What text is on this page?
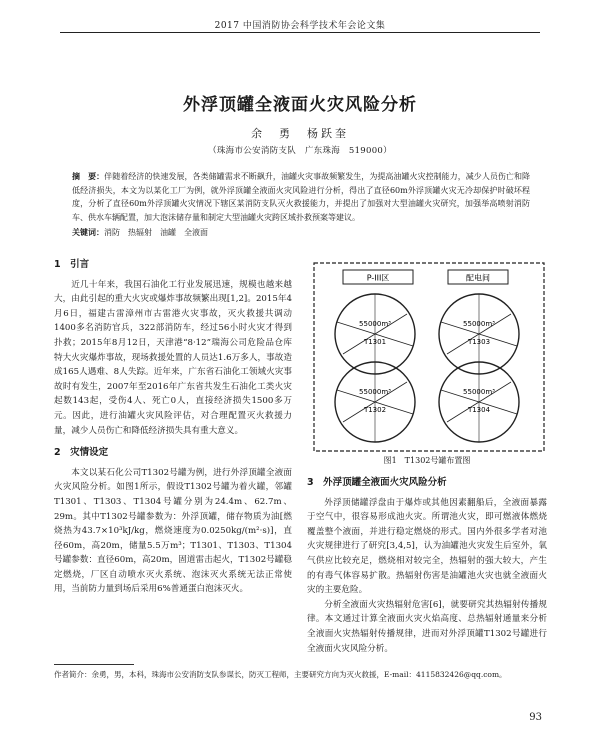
2017 中国消防协会科学技术年会论文集
外浮顶罐全液面火灾风险分析
余　勇　杨跃奎
（珠海市公安消防支队　广东珠海　519000）
摘　要：伴随着经济的快速发展，各类储罐需求不断飙升，油罐火灾事故频繁发生，为提高油罐火灾控制能力，减少人员伤亡和降低经济损失，本文为以某化工厂为例，就外浮顶罐全液面火灾风险进行分析，得出了直径60m外浮顶罐火灾无冷却保护时破坏程度，分析了直径60m外浮顶罐火灾情况下辖区某消防支队灭火救援能力，并提出了加强对大型油罐火灾研究，加强举高喷射消防车、供水车辆配置，加大泡沫储存量和制定大型油罐火灾跨区域扑救预案等建议。
关键词：消防　热辐射　油罐　全液面
1　引言

近几十年来，我国石油化工行业发展迅速，规模也越来越大，由此引起的重大火灾或爆炸事故频繁出现[1,2]。2015年4月6日，福建古雷漳州市古雷港火灾事故，灭火救援共调动1400多名消防官兵，322部消防车，经过56小时火灾才得到扑救；2015年8月12日，天津港“8·12”瑞海公司危险品仓库特大火灾爆炸事故，现场救援处置的人员达1.6万多人，事故造成165人遇难、8人失踪。近年来，广东省石油化工领域火灾事故时有发生，2007年至2016年广东省共发生石油化工类火灾起数143起，受伤4人、死亡0人，直接经济损失1500多万元。因此，进行油罐火灾风险评估，对合理配置灭火救援力量，减少人员伤亡和降低经济损失具有重大意义。

2　灾情设定

本文以某石化公司T1302号罐为例，进行外浮顶罐全液面火灾风险分析。如图1所示，假设T1302号罐为着火罐，邻罐T1301、T1303、T1304号罐分别为24.4m、62.7m、29m。其中T1302号罐参数为：外浮顶罐，储存物质为油[燃烧热为43.7×10³kJ/kg，燃烧速度为0.0250kg/(m²·s)]，直径60m，高20m，储量5.5万m³；T1301、T1303、T1304号罐参数：直径60m，高20m，固道雷击起火，T1302号罐稳定燃烧，厂区自动喷水灭火系统、泡沫灭火系统无法正常使用，当前防力量到场后采用6%普通蛋白泡沫灭火。

P-III区	配电间
55000m³
T1301
55000m³
T1303
55000m³
T1302
55000m³
T1304
图1　T1302号罐布置图
3　外浮顶罐全液面火灾风险分析

外浮顶储罐浮盘由于爆炸或其他因素翻船后，全液面暴露于空气中，很容易形成池火灾。所谓池火灾，即可燃液体燃烧覆盖整个液面，并进行稳定燃烧的形式。国内外很多学者对池火灾规律进行了研究[3,4,5]，认为油罐池火灾发生后室外，氧气供应比较充足，燃烧相对较完全，热辐射的强大较大，产生的有毒气体容易扩散。热辐射伤害是油罐池火灾也就全液面火灾的主要危险。

分析全液面火灾热辐射危害[6]，就要研究其热辐射传播规律。本文通过计算全液面火灾火焰高度、总热辐射通量来分析全液面火灾热辐射传播规律，进而对外浮顶罐T1302号罐进行全液面火灾风险分析。

作者简介：余勇，男，本科，珠海市公安消防支队参谋长，防灭工程师，主要研究方向为灭火救援，E-mail：4115832426@qq.com。
93
